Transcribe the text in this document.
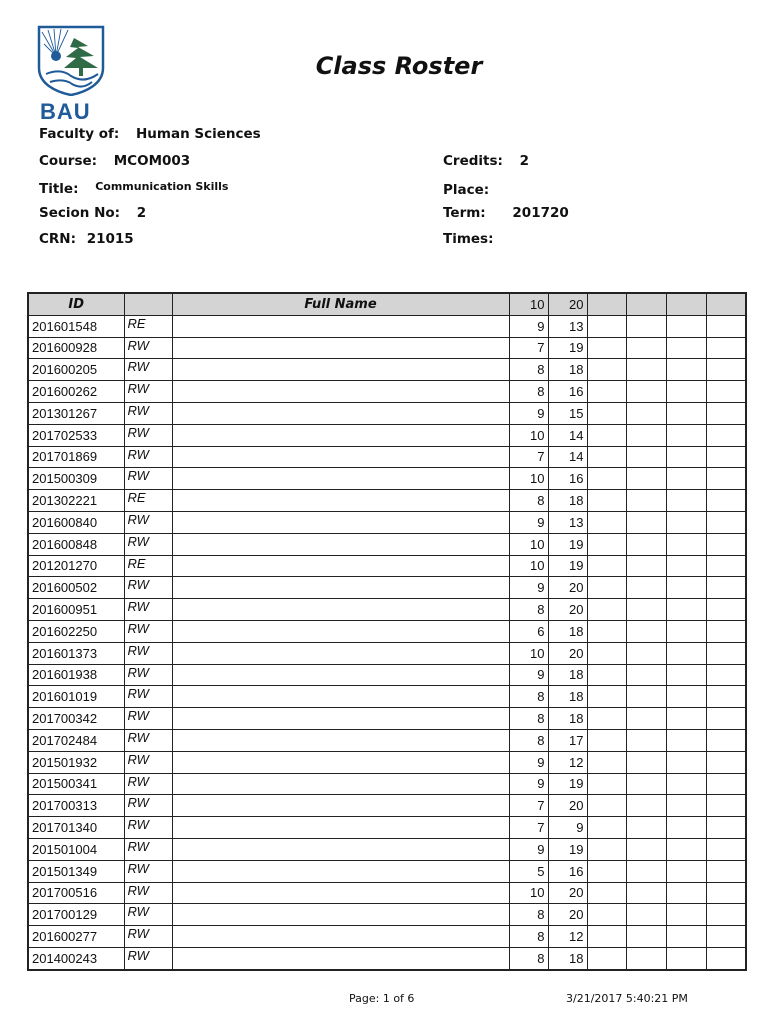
BAU
Class Roster
Faculty of: Human Sciences
Course: MCOM003	Credits: 2
Title: $^{Communication Skills}$	Place:
Secion No: 2	Term: 201720
CRN: 21015	Times:
ID		Full Name	10	20				
201601548	RE		9	13				
201600928	RW		7	19				
201600205	RW		8	18				
201600262	RW		8	16				
201301267	RW		9	15				
201702533	RW		10	14				
201701869	RW		7	14				
201500309	RW		10	16				
201302221	RE		8	18				
201600840	RW		9	13				
201600848	RW		10	19				
201201270	RE		10	19				
201600502	RW		9	20				
201600951	RW		8	20				
201602250	RW		6	18				
201601373	RW		10	20				
201601938	RW		9	18				
201601019	RW		8	18				
201700342	RW		8	18				
201702484	RW		8	17				
201501932	RW		9	12				
201500341	RW		9	19				
201700313	RW		7	20				
201701340	RW		7	9				
201501004	RW		9	19				
201501349	RW		5	16				
201700516	RW		10	20				
201700129	RW		8	20				
201600277	RW		8	12				
201400243	RW		8	18				
Page: 1 of 6	3/21/2017 5:40:21 PM
